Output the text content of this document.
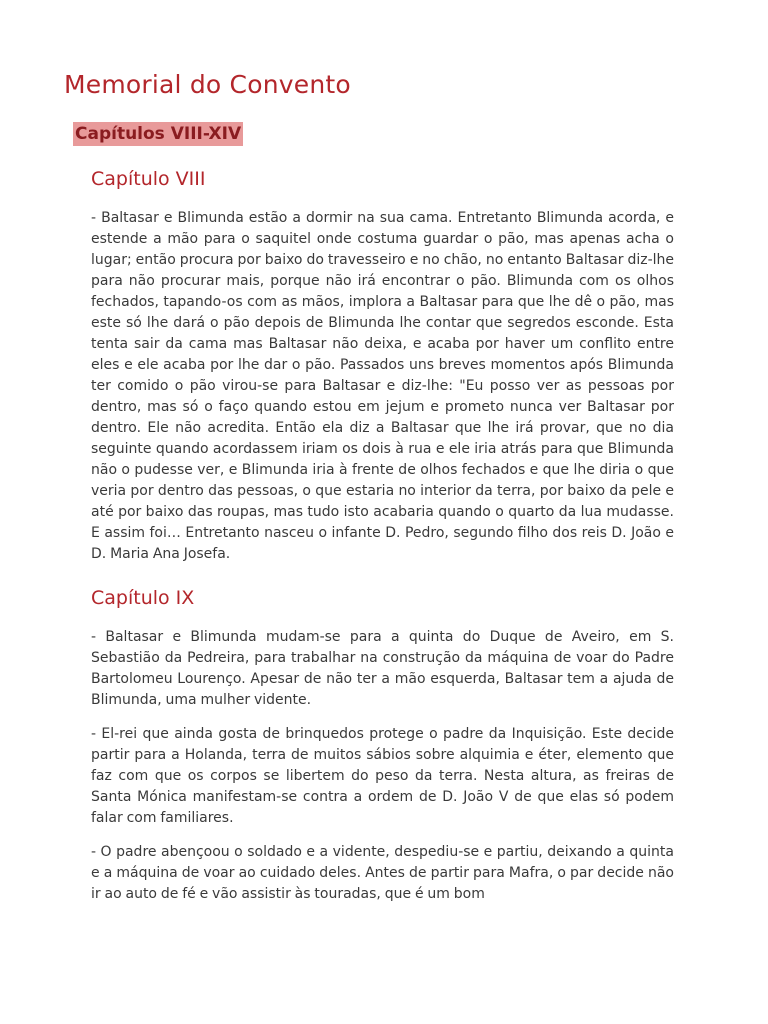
Memorial do Convento
Capítulos VIII-XIV
Capítulo VIII

- Baltasar e Blimunda estão a dormir na sua cama. Entretanto Blimunda acorda, e estende a mão para o saquitel onde costuma guardar o pão, mas apenas acha o lugar; então procura por baixo do travesseiro e no chão, no entanto Baltasar diz-lhe para não procurar mais, porque não irá encontrar o pão. Blimunda com os olhos fechados, tapando-os com as mãos, implora a Baltasar para que lhe dê o pão, mas este só lhe dará o pão depois de Blimunda lhe contar que segredos esconde. Esta tenta sair da cama mas Baltasar não deixa, e acaba por haver um conflito entre eles e ele acaba por lhe dar o pão. Passados uns breves momentos após Blimunda ter comido o pão virou-se para Baltasar e diz-lhe: "Eu posso ver as pessoas por dentro, mas só o faço quando estou em jejum e prometo nunca ver Baltasar por dentro. Ele não acredita. Então ela diz a Baltasar que lhe irá provar, que no dia seguinte quando acordassem iriam os dois à rua e ele iria atrás para que Blimunda não o pudesse ver, e Blimunda iria à frente de olhos fechados e que lhe diria o que veria por dentro das pessoas, o que estaria no interior da terra, por baixo da pele e até por baixo das roupas, mas tudo isto acabaria quando o quarto da lua mudasse. E assim foi… Entretanto nasceu o infante D. Pedro, segundo filho dos reis D. João e D. Maria Ana Josefa.

Capítulo IX

- Baltasar e Blimunda mudam-se para a quinta do Duque de Aveiro, em S. Sebastião da Pedreira, para trabalhar na construção da máquina de voar do Padre Bartolomeu Lourenço. Apesar de não ter a mão esquerda, Baltasar tem a ajuda de Blimunda, uma mulher vidente.

- El-rei que ainda gosta de brinquedos protege o padre da Inquisição. Este decide partir para a Holanda, terra de muitos sábios sobre alquimia e éter, elemento que faz com que os corpos se libertem do peso da terra. Nesta altura, as freiras de Santa Mónica manifestam-se contra a ordem de D. João V de que elas só podem falar com familiares.

- O padre abençoou o soldado e a vidente, despediu-se e partiu, deixando a quinta e a máquina de voar ao cuidado deles. Antes de partir para Mafra, o par decide não ir ao auto de fé e vão assistir às touradas, que é um bom
